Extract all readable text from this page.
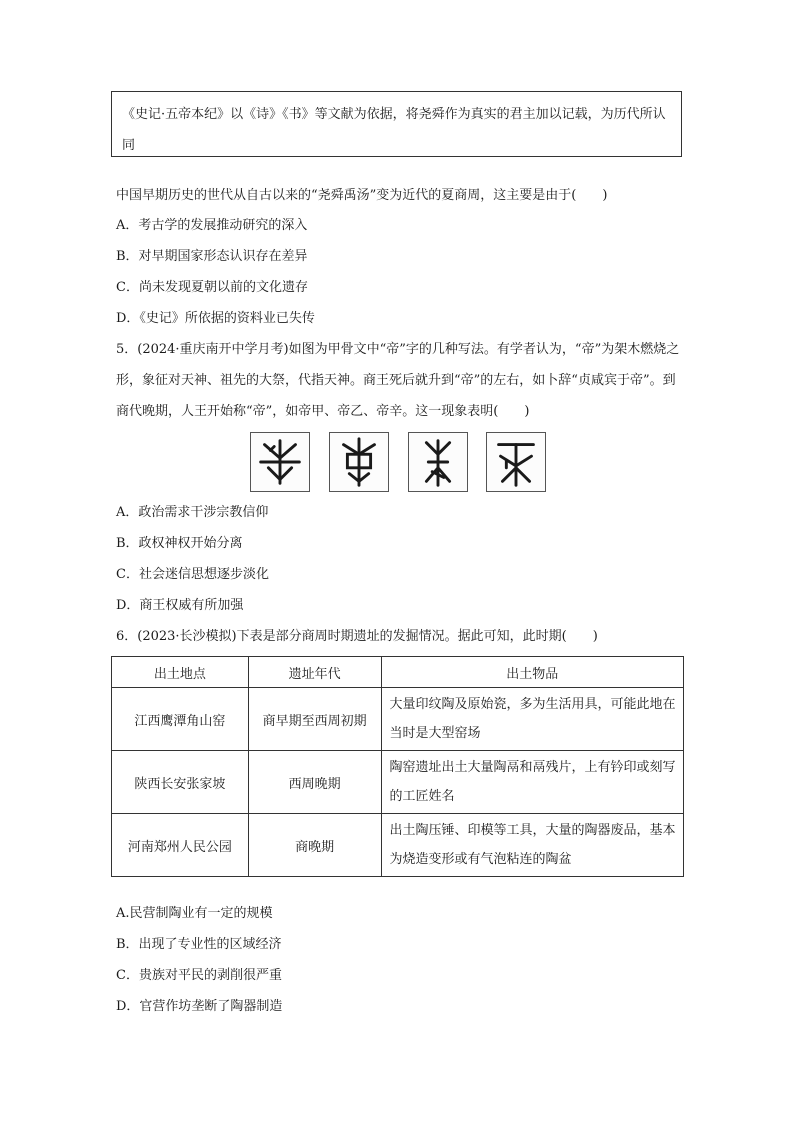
《史记·五帝本纪》以《诗》《书》等文献为依据，将尧舜作为真实的君主加以记载，为历代所认同
中国早期历史的世代从自古以来的“尧舜禹汤”变为近代的夏商周，这主要是由于(　　)
A．考古学的发展推动研究的深入
B．对早期国家形态认识存在差异
C．尚未发现夏朝以前的文化遗存
D．《史记》所依据的资料业已失传
5．(2024·重庆南开中学月考)如图为甲骨文中“帝”字的几种写法。有学者认为，“帝”为架木燃烧之形，象征对天神、祖先的大祭，代指天神。商王死后就升到“帝”的左右，如卜辞“贞咸宾于帝”。到商代晚期，人王开始称“帝”，如帝甲、帝乙、帝辛。这一现象表明(　　)
A．政治需求干涉宗教信仰
B．政权神权开始分离
C．社会迷信思想逐步淡化
D．商王权威有所加强
6．(2023·长沙模拟)下表是部分商周时期遗址的发掘情况。据此可知，此时期(　　)
出土地点	遗址年代	出土物品
江西鹰潭角山窑	商早期至西周初期	大量印纹陶及原始瓷，多为生活用具，可能此地在当时是大型窑场
陕西长安张家坡	西周晚期	陶窑遗址出土大量陶鬲和鬲残片，上有钤印或刻写的工匠姓名
河南郑州人民公园	商晚期	出土陶压锤、印模等工具，大量的陶器废品，基本为烧造变形或有气泡粘连的陶盆
A.民营制陶业有一定的规模
B．出现了专业性的区域经济
C．贵族对平民的剥削很严重
D．官营作坊垄断了陶器制造
